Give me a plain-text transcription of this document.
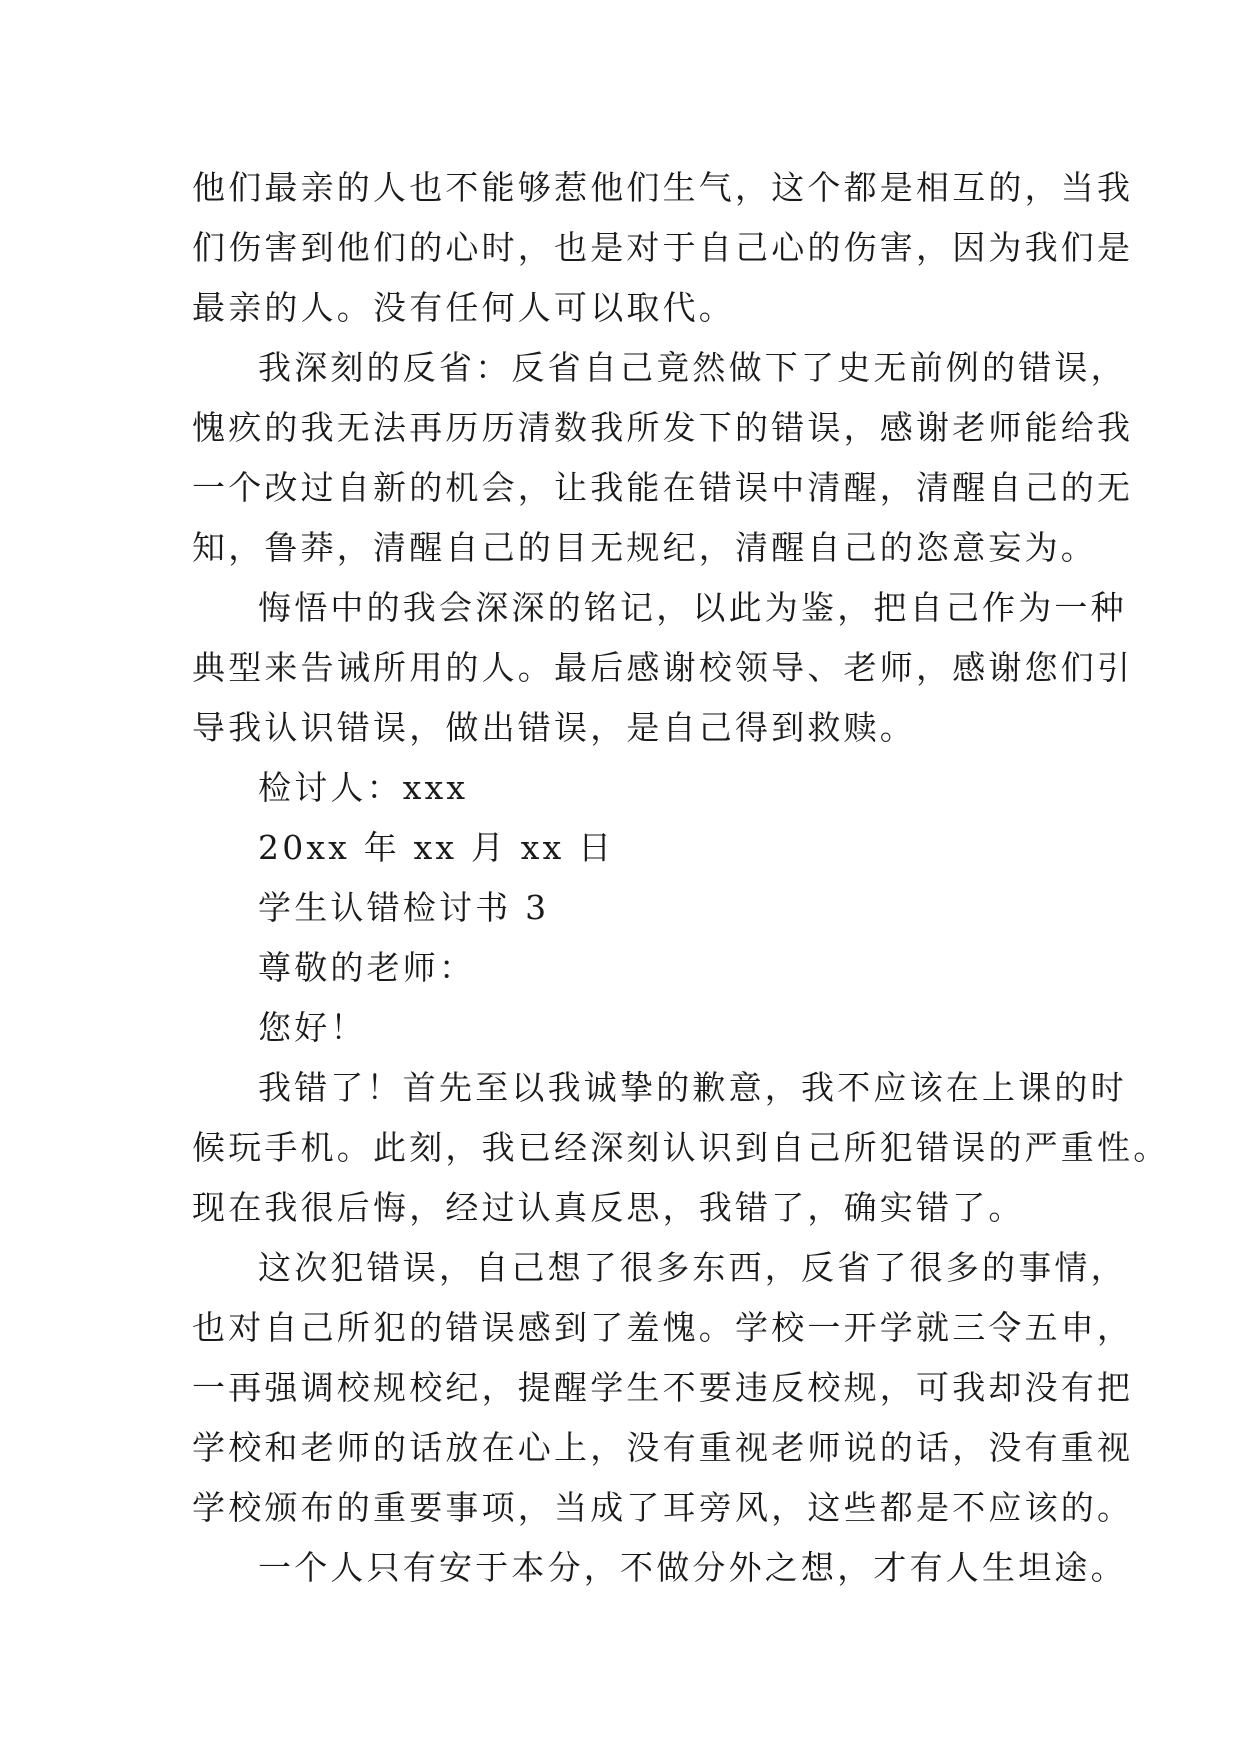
他们最亲的人也不能够惹他们生气，这个都是相互的，当我
们伤害到他们的心时，也是对于自己心的伤害，因为我们是
最亲的人。没有任何人可以取代。

我深刻的反省：反省自己竟然做下了史无前例的错误，
愧疚的我无法再历历清数我所发下的错误，感谢老师能给我
一个改过自新的机会，让我能在错误中清醒，清醒自己的无
知，鲁莽，清醒自己的目无规纪，清醒自己的恣意妄为。

悔悟中的我会深深的铭记，以此为鉴，把自己作为一种
典型来告诫所用的人。最后感谢校领导、老师，感谢您们引
导我认识错误，做出错误，是自己得到救赎。

检讨人：xxx

20xx 年 xx 月 xx 日

学生认错检讨书 3

尊敬的老师：

您好！

我错了！首先至以我诚挚的歉意，我不应该在上课的时
候玩手机。此刻，我已经深刻认识到自己所犯错误的严重性。
现在我很后悔，经过认真反思，我错了，确实错了。

这次犯错误，自己想了很多东西，反省了很多的事情，
也对自己所犯的错误感到了羞愧。学校一开学就三令五申，
一再强调校规校纪，提醒学生不要违反校规，可我却没有把
学校和老师的话放在心上，没有重视老师说的话，没有重视
学校颁布的重要事项，当成了耳旁风，这些都是不应该的。

一个人只有安于本分，不做分外之想，才有人生坦途。
